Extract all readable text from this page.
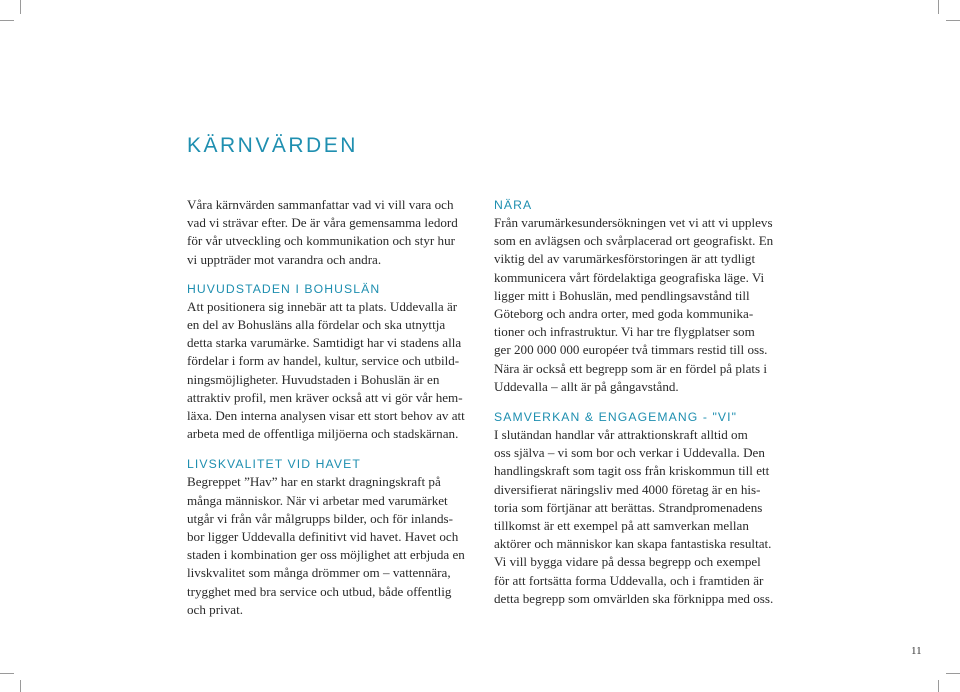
KÄRNVÄRDEN

Våra kärnvärden sammanfattar vad vi vill vara och
vad vi strävar efter. De är våra gemensamma ledord
för vår utveckling och kommunikation och styr hur
vi uppträder mot varandra och andra.

HUVUDSTADEN I BOHUSLÄN

Att positionera sig innebär att ta plats. Uddevalla är
en del av Bohusläns alla fördelar och ska utnyttja
detta starka varumärke. Samtidigt har vi stadens alla
fördelar i form av handel, kultur, service och utbild-
ningsmöjligheter. Huvudstaden i Bohuslän är en
attraktiv profil, men kräver också att vi gör vår hem-
läxa. Den interna analysen visar ett stort behov av att
arbeta med de offentliga miljöerna och stadskärnan.

LIVSKVALITET VID HAVET

Begreppet ”Hav” har en starkt dragningskraft på
många människor. När vi arbetar med varumärket
utgår vi från vår målgrupps bilder, och för inlands-
bor ligger Uddevalla definitivt vid havet. Havet och
staden i kombination ger oss möjlighet att erbjuda en
livskvalitet som många drömmer om – vattennära,
trygghet med bra service och utbud, både offentlig
och privat.

NÄRA

Från varumärkesundersökningen vet vi att vi upplevs
som en avlägsen och svårplacerad ort geografiskt. En
viktig del av varumärkesförstoringen är att tydligt
kommunicera vårt fördelaktiga geografiska läge. Vi
ligger mitt i Bohuslän, med pendlingsavstånd till
Göteborg och andra orter, med goda kommunika-
tioner och infrastruktur. Vi har tre flygplatser som
ger 200 000 000 européer två timmars restid till oss.
Nära är också ett begrepp som är en fördel på plats i
Uddevalla – allt är på gångavstånd.

SAMVERKAN & ENGAGEMANG - "VI"

I slutändan handlar vår attraktionskraft alltid om
oss själva – vi som bor och verkar i Uddevalla. Den
handlingskraft som tagit oss från kriskommun till ett
diversifierat näringsliv med 4000 företag är en his-
toria som förtjänar att berättas. Strandpromenadens
tillkomst är ett exempel på att samverkan mellan
aktörer och människor kan skapa fantastiska resultat.
Vi vill bygga vidare på dessa begrepp och exempel
för att fortsätta forma Uddevalla, och i framtiden är
detta begrepp som omvärlden ska förknippa med oss.

11
